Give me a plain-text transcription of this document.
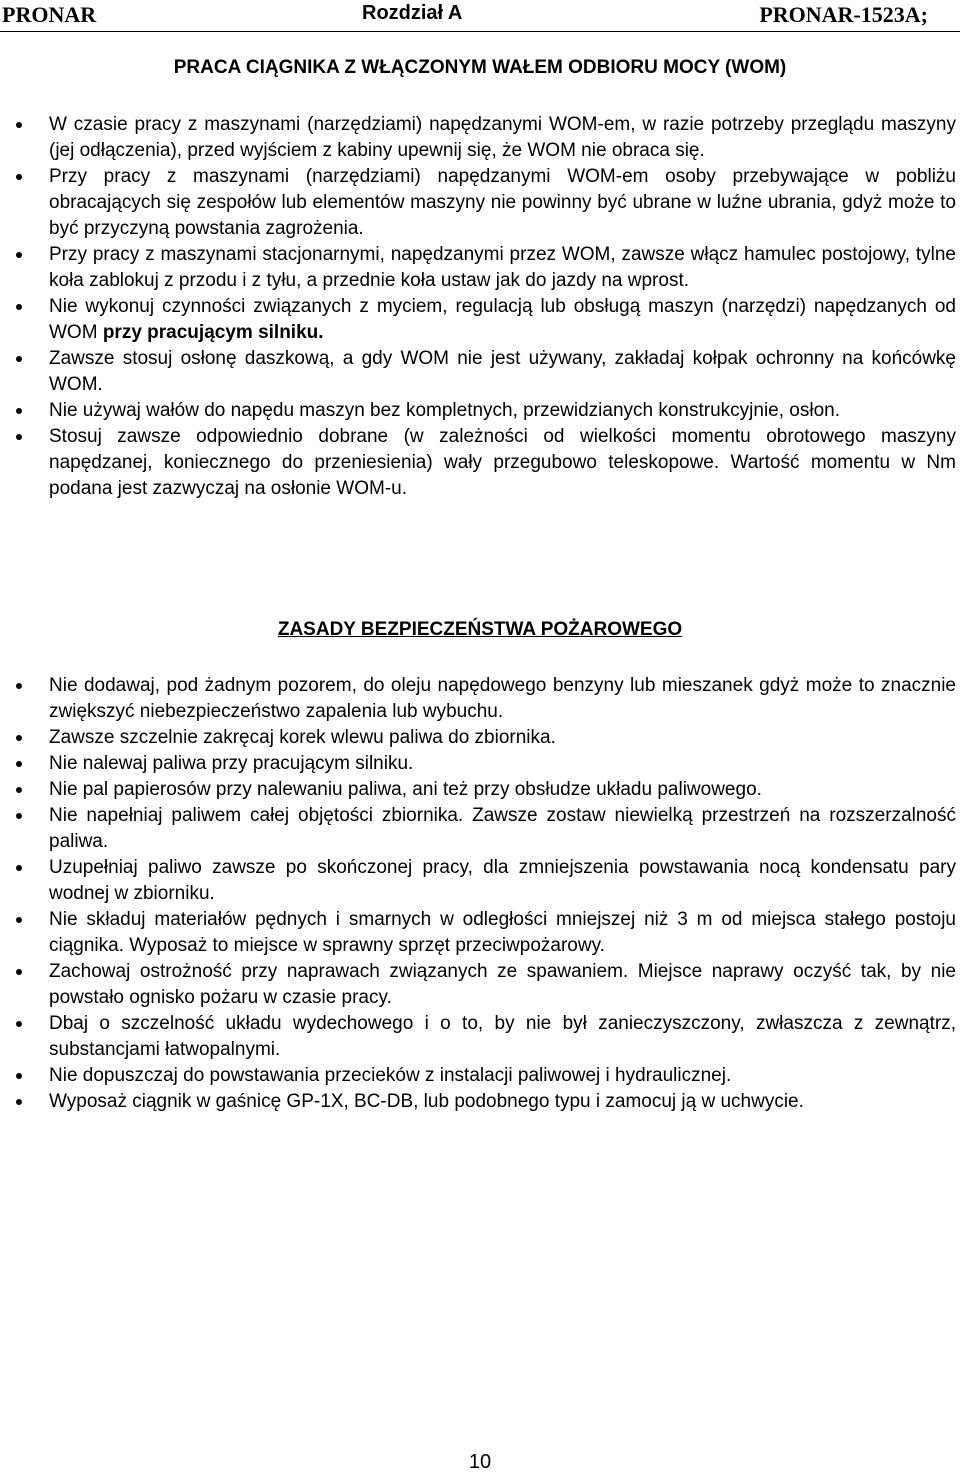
PRONAR	Rozdział A	PRONAR-1523A;
PRACA CIĄGNIKA Z WŁĄCZONYM WAŁEM ODBIORU MOCY (WOM)
W czasie pracy z maszynami (narzędziami) napędzanymi WOM-em, w razie potrzeby przeglądu maszyny (jej odłączenia), przed wyjściem z kabiny upewnij się, że WOM nie obraca się.
Przy pracy z maszynami (narzędziami) napędzanymi WOM-em osoby przebywające w pobliżu obracających się zespołów lub elementów maszyny nie powinny być ubrane w luźne ubrania, gdyż może to być przyczyną powstania zagrożenia.
Przy pracy z maszynami stacjonarnymi, napędzanymi przez WOM, zawsze włącz hamulec postojowy, tylne koła zablokuj z przodu i z tyłu, a przednie koła ustaw jak do jazdy na wprost.
Nie wykonuj czynności związanych z myciem, regulacją lub obsługą maszyn (narzędzi) napędzanych od WOM przy pracującym silniku.
Zawsze stosuj osłonę daszkową, a gdy WOM nie jest używany, zakładaj kołpak ochronny na końcówkę WOM.
Nie używaj wałów do napędu maszyn bez kompletnych, przewidzianych konstrukcyjnie, osłon.
Stosuj zawsze odpowiednio dobrane (w zależności od wielkości momentu obrotowego maszyny napędzanej, koniecznego do przeniesienia) wały przegubowo teleskopowe. Wartość momentu w Nm podana jest zazwyczaj na osłonie WOM-u.
ZASADY BEZPIECZEŃSTWA POŻAROWEGO
Nie dodawaj, pod żadnym pozorem, do oleju napędowego benzyny lub mieszanek gdyż może to znacznie zwiększyć niebezpieczeństwo zapalenia lub wybuchu.
Zawsze szczelnie zakręcaj korek wlewu paliwa do zbiornika.
Nie nalewaj paliwa przy pracującym silniku.
Nie pal papierosów przy nalewaniu paliwa, ani też przy obsłudze układu paliwowego.
Nie napełniaj paliwem całej objętości zbiornika. Zawsze zostaw niewielką przestrzeń na rozszerzalność paliwa.
Uzupełniaj paliwo zawsze po skończonej pracy, dla zmniejszenia powstawania nocą kondensatu pary wodnej w zbiorniku.
Nie składuj materiałów pędnych i smarnych w odległości mniejszej niż 3 m od miejsca stałego postoju ciągnika. Wyposaż to miejsce w sprawny sprzęt przeciwpożarowy.
Zachowaj ostrożność przy naprawach związanych ze spawaniem. Miejsce naprawy oczyść tak, by nie powstało ognisko pożaru w czasie pracy.
Dbaj o szczelność układu wydechowego i o to, by nie był zanieczyszczony, zwłaszcza z zewnątrz, substancjami łatwopalnymi.
Nie dopuszczaj do powstawania przecieków z instalacji paliwowej i hydraulicznej.
Wyposaż ciągnik w gaśnicę GP-1X, BC-DB, lub podobnego typu i zamocuj ją w uchwycie.
10
